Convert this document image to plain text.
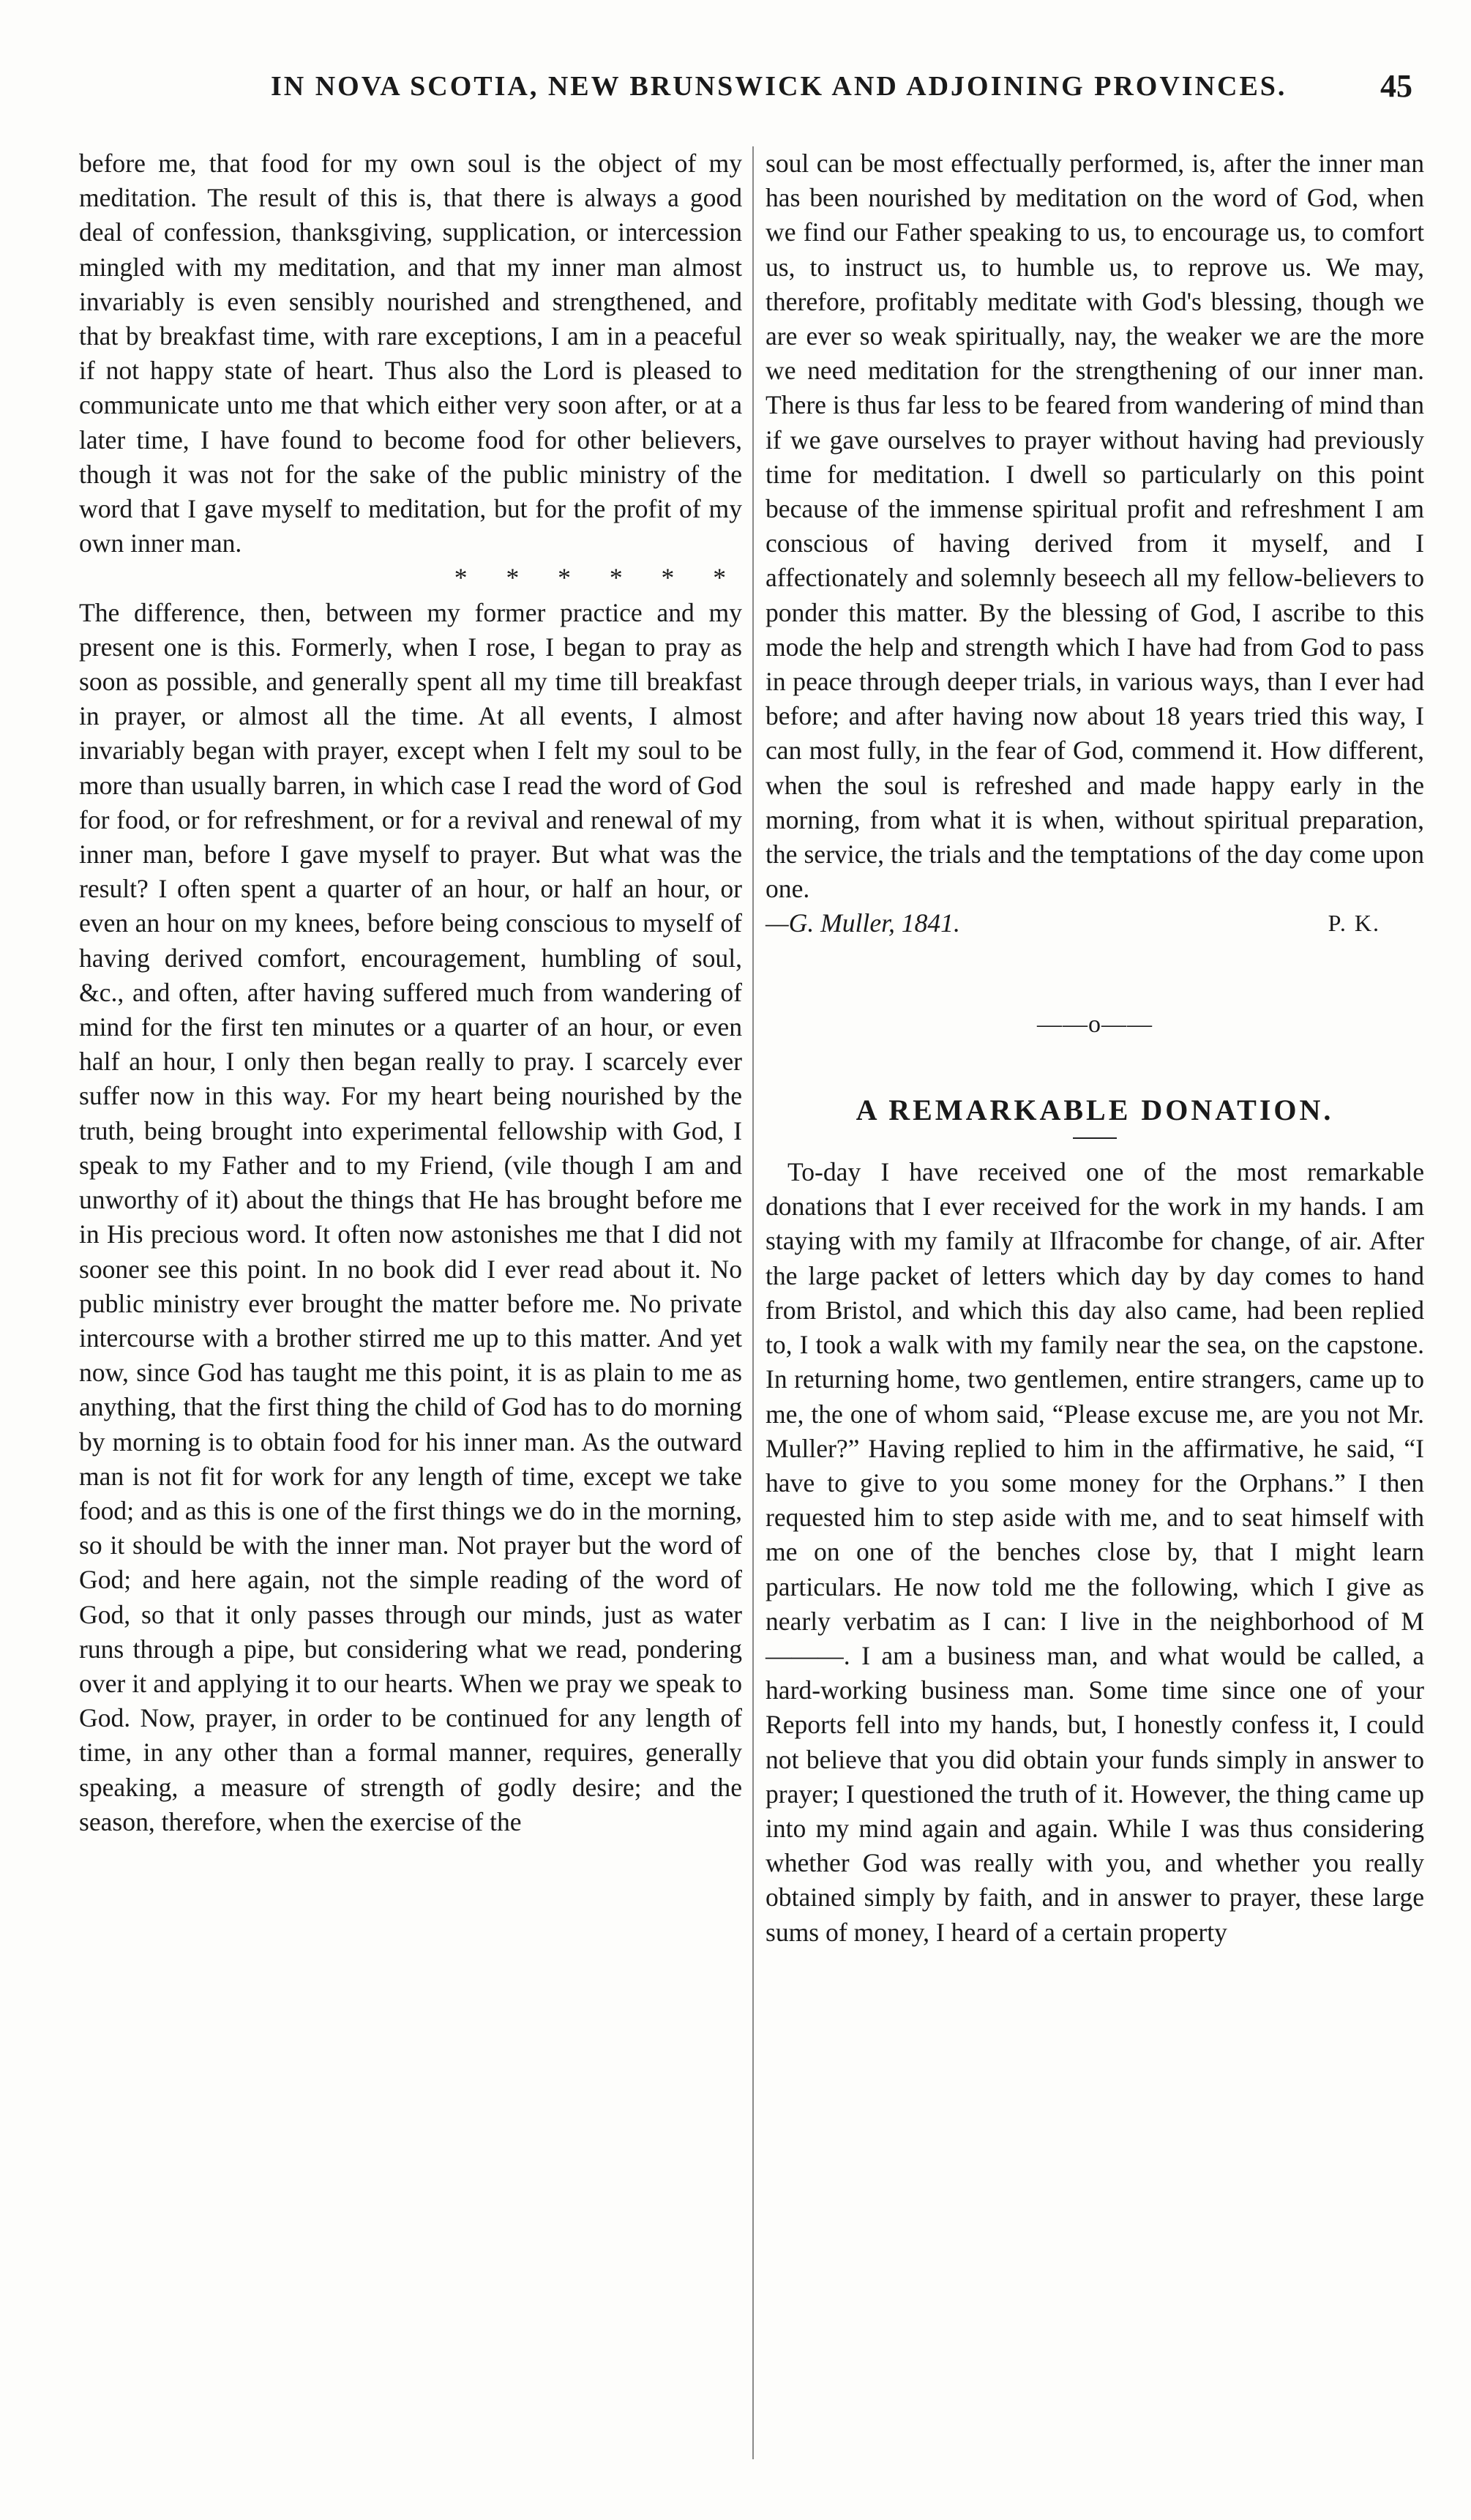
IN NOVA SCOTIA, NEW BRUNSWICK AND ADJOINING PROVINCES.	45

before me, that food for my own soul is the object of my meditation. The result of this is, that there is always a good deal of confession, thanksgiving, supplication, or intercession mingled with my meditation, and that my inner man almost invariably is even sensibly nourished and strengthened, and that by breakfast time, with rare exceptions, I am in a peaceful if not happy state of heart. Thus also the Lord is pleased to communicate unto me that which either very soon after, or at a later time, I have found to become food for other believers, though it was not for the sake of the public ministry of the word that I gave myself to meditation, but for the profit of my own inner man.

* * * * * *

The difference, then, between my former practice and my present one is this. Formerly, when I rose, I began to pray as soon as possible, and generally spent all my time till breakfast in prayer, or almost all the time. At all events, I almost invariably began with prayer, except when I felt my soul to be more than usually barren, in which case I read the word of God for food, or for refreshment, or for a revival and renewal of my inner man, before I gave myself to prayer. But what was the result? I often spent a quarter of an hour, or half an hour, or even an hour on my knees, before being conscious to myself of having derived comfort, encouragement, humbling of soul, &c., and often, after having suffered much from wandering of mind for the first ten minutes or a quarter of an hour, or even half an hour, I only then began really to pray. I scarcely ever suffer now in this way. For my heart being nourished by the truth, being brought into experimental fellowship with God, I speak to my Father and to my Friend, (vile though I am and unworthy of it) about the things that He has brought before me in His precious word. It often now astonishes me that I did not sooner see this point. In no book did I ever read about it. No public ministry ever brought the matter before me. No private intercourse with a brother stirred me up to this matter. And yet now, since God has taught me this point, it is as plain to me as anything, that the first thing the child of God has to do morning by morning is to obtain food for his inner man. As the outward man is not fit for work for any length of time, except we take food; and as this is one of the first things we do in the morning, so it should be with the inner man. Not prayer but the word of God; and here again, not the simple reading of the word of God, so that it only passes through our minds, just as water runs through a pipe, but considering what we read, pondering over it and applying it to our hearts. When we pray we speak to God. Now, prayer, in order to be continued for any length of time, in any other than a formal manner, requires, generally speaking, a measure of strength of godly desire; and the season, therefore, when the exercise of the

soul can be most effectually performed, is, after the inner man has been nourished by meditation on the word of God, when we find our Father speaking to us, to encourage us, to comfort us, to instruct us, to humble us, to reprove us. We may, therefore, profitably meditate with God's blessing, though we are ever so weak spiritually, nay, the weaker we are the more we need meditation for the strengthening of our inner man. There is thus far less to be feared from wandering of mind than if we gave ourselves to prayer without having had previously time for meditation. I dwell so particularly on this point because of the immense spiritual profit and refreshment I am conscious of having derived from it myself, and I affectionately and solemnly beseech all my fellow-believers to ponder this matter. By the blessing of God, I ascribe to this mode the help and strength which I have had from God to pass in peace through deeper trials, in various ways, than I ever had before; and after having now about 18 years tried this way, I can most fully, in the fear of God, commend it. How different, when the soul is refreshed and made happy early in the morning, from what it is when, without spiritual preparation, the service, the trials and the temptations of the day come upon one.

—G. Muller, 1841.	P. K.
——o——
A REMARKABLE DONATION.

To-day I have received one of the most remarkable donations that I ever received for the work in my hands. I am staying with my family at Ilfracombe for change, of air. After the large packet of letters which day by day comes to hand from Bristol, and which this day also came, had been replied to, I took a walk with my family near the sea, on the capstone. In returning home, two gentlemen, entire strangers, came up to me, the one of whom said, “Please excuse me, are you not Mr. Muller?” Having replied to him in the affirmative, he said, “I have to give to you some money for the Orphans.” I then requested him to step aside with me, and to seat himself with me on one of the benches close by, that I might learn particulars. He now told me the following, which I give as nearly verbatim as I can: I live in the neighborhood of M———. I am a business man, and what would be called, a hard-working business man. Some time since one of your Reports fell into my hands, but, I honestly confess it, I could not believe that you did obtain your funds simply in answer to prayer; I questioned the truth of it. However, the thing came up into my mind again and again. While I was thus considering whether God was really with you, and whether you really obtained simply by faith, and in answer to prayer, these large sums of money, I heard of a certain property
